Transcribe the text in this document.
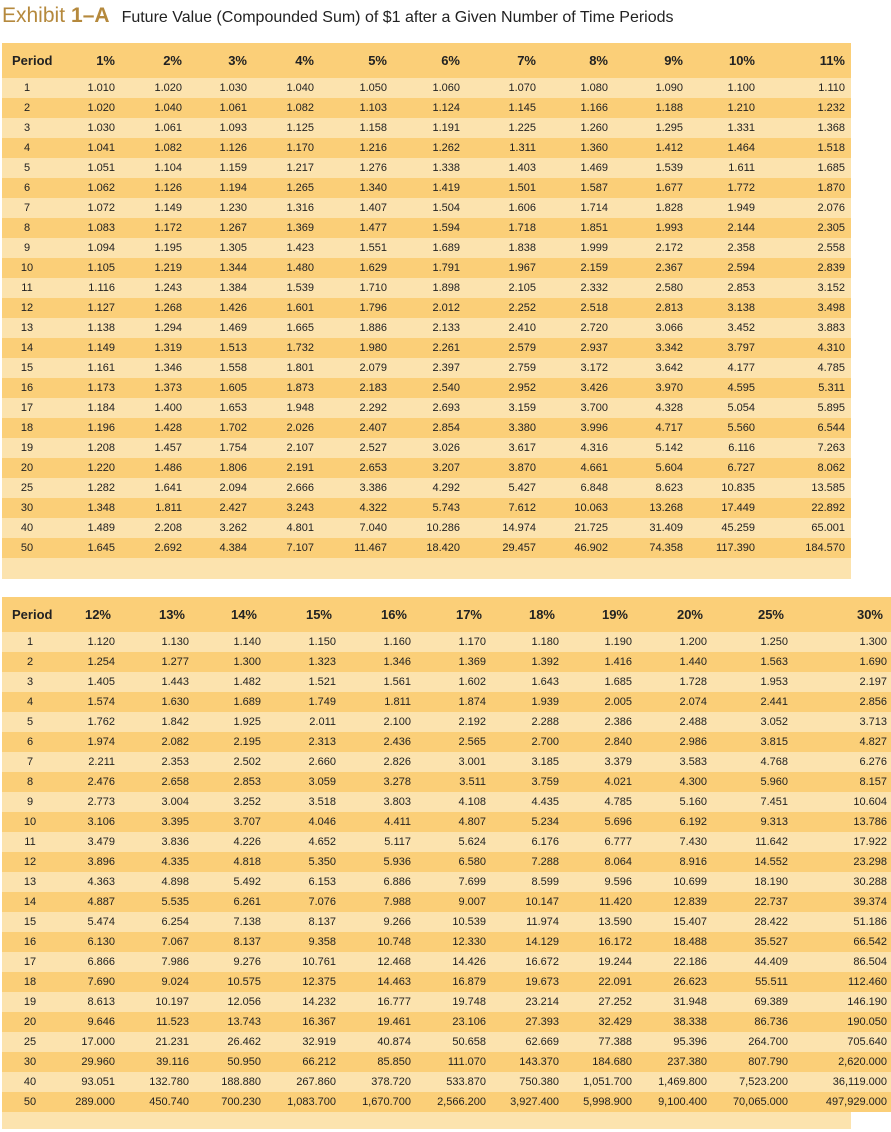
Exhibit 1–A Future Value (Compounded Sum) of $1 after a Given Number of Time Periods
Period	1%	2%	3%	4%	5%	6%	7%	8%	9%	10%	11%
1	1.010	1.020	1.030	1.040	1.050	1.060	1.070	1.080	1.090	1.100	1.110
2	1.020	1.040	1.061	1.082	1.103	1.124	1.145	1.166	1.188	1.210	1.232
3	1.030	1.061	1.093	1.125	1.158	1.191	1.225	1.260	1.295	1.331	1.368
4	1.041	1.082	1.126	1.170	1.216	1.262	1.311	1.360	1.412	1.464	1.518
5	1.051	1.104	1.159	1.217	1.276	1.338	1.403	1.469	1.539	1.611	1.685
6	1.062	1.126	1.194	1.265	1.340	1.419	1.501	1.587	1.677	1.772	1.870
7	1.072	1.149	1.230	1.316	1.407	1.504	1.606	1.714	1.828	1.949	2.076
8	1.083	1.172	1.267	1.369	1.477	1.594	1.718	1.851	1.993	2.144	2.305
9	1.094	1.195	1.305	1.423	1.551	1.689	1.838	1.999	2.172	2.358	2.558
10	1.105	1.219	1.344	1.480	1.629	1.791	1.967	2.159	2.367	2.594	2.839
11	1.116	1.243	1.384	1.539	1.710	1.898	2.105	2.332	2.580	2.853	3.152
12	1.127	1.268	1.426	1.601	1.796	2.012	2.252	2.518	2.813	3.138	3.498
13	1.138	1.294	1.469	1.665	1.886	2.133	2.410	2.720	3.066	3.452	3.883
14	1.149	1.319	1.513	1.732	1.980	2.261	2.579	2.937	3.342	3.797	4.310
15	1.161	1.346	1.558	1.801	2.079	2.397	2.759	3.172	3.642	4.177	4.785
16	1.173	1.373	1.605	1.873	2.183	2.540	2.952	3.426	3.970	4.595	5.311
17	1.184	1.400	1.653	1.948	2.292	2.693	3.159	3.700	4.328	5.054	5.895
18	1.196	1.428	1.702	2.026	2.407	2.854	3.380	3.996	4.717	5.560	6.544
19	1.208	1.457	1.754	2.107	2.527	3.026	3.617	4.316	5.142	6.116	7.263
20	1.220	1.486	1.806	2.191	2.653	3.207	3.870	4.661	5.604	6.727	8.062
25	1.282	1.641	2.094	2.666	3.386	4.292	5.427	6.848	8.623	10.835	13.585
30	1.348	1.811	2.427	3.243	4.322	5.743	7.612	10.063	13.268	17.449	22.892
40	1.489	2.208	3.262	4.801	7.040	10.286	14.974	21.725	31.409	45.259	65.001
50	1.645	2.692	4.384	7.107	11.467	18.420	29.457	46.902	74.358	117.390	184.570
Period	12%	13%	14%	15%	16%	17%	18%	19%	20%	25%	30%
1	1.120	1.130	1.140	1.150	1.160	1.170	1.180	1.190	1.200	1.250	1.300
2	1.254	1.277	1.300	1.323	1.346	1.369	1.392	1.416	1.440	1.563	1.690
3	1.405	1.443	1.482	1.521	1.561	1.602	1.643	1.685	1.728	1.953	2.197
4	1.574	1.630	1.689	1.749	1.811	1.874	1.939	2.005	2.074	2.441	2.856
5	1.762	1.842	1.925	2.011	2.100	2.192	2.288	2.386	2.488	3.052	3.713
6	1.974	2.082	2.195	2.313	2.436	2.565	2.700	2.840	2.986	3.815	4.827
7	2.211	2.353	2.502	2.660	2.826	3.001	3.185	3.379	3.583	4.768	6.276
8	2.476	2.658	2.853	3.059	3.278	3.511	3.759	4.021	4.300	5.960	8.157
9	2.773	3.004	3.252	3.518	3.803	4.108	4.435	4.785	5.160	7.451	10.604
10	3.106	3.395	3.707	4.046	4.411	4.807	5.234	5.696	6.192	9.313	13.786
11	3.479	3.836	4.226	4.652	5.117	5.624	6.176	6.777	7.430	11.642	17.922
12	3.896	4.335	4.818	5.350	5.936	6.580	7.288	8.064	8.916	14.552	23.298
13	4.363	4.898	5.492	6.153	6.886	7.699	8.599	9.596	10.699	18.190	30.288
14	4.887	5.535	6.261	7.076	7.988	9.007	10.147	11.420	12.839	22.737	39.374
15	5.474	6.254	7.138	8.137	9.266	10.539	11.974	13.590	15.407	28.422	51.186
16	6.130	7.067	8.137	9.358	10.748	12.330	14.129	16.172	18.488	35.527	66.542
17	6.866	7.986	9.276	10.761	12.468	14.426	16.672	19.244	22.186	44.409	86.504
18	7.690	9.024	10.575	12.375	14.463	16.879	19.673	22.091	26.623	55.511	112.460
19	8.613	10.197	12.056	14.232	16.777	19.748	23.214	27.252	31.948	69.389	146.190
20	9.646	11.523	13.743	16.367	19.461	23.106	27.393	32.429	38.338	86.736	190.050
25	17.000	21.231	26.462	32.919	40.874	50.658	62.669	77.388	95.396	264.700	705.640
30	29.960	39.116	50.950	66.212	85.850	111.070	143.370	184.680	237.380	807.790	2,620.000
40	93.051	132.780	188.880	267.860	378.720	533.870	750.380	1,051.700	1,469.800	7,523.200	36,119.000
50	289.000	450.740	700.230	1,083.700	1,670.700	2,566.200	3,927.400	5,998.900	9,100.400	70,065.000	497,929.000
